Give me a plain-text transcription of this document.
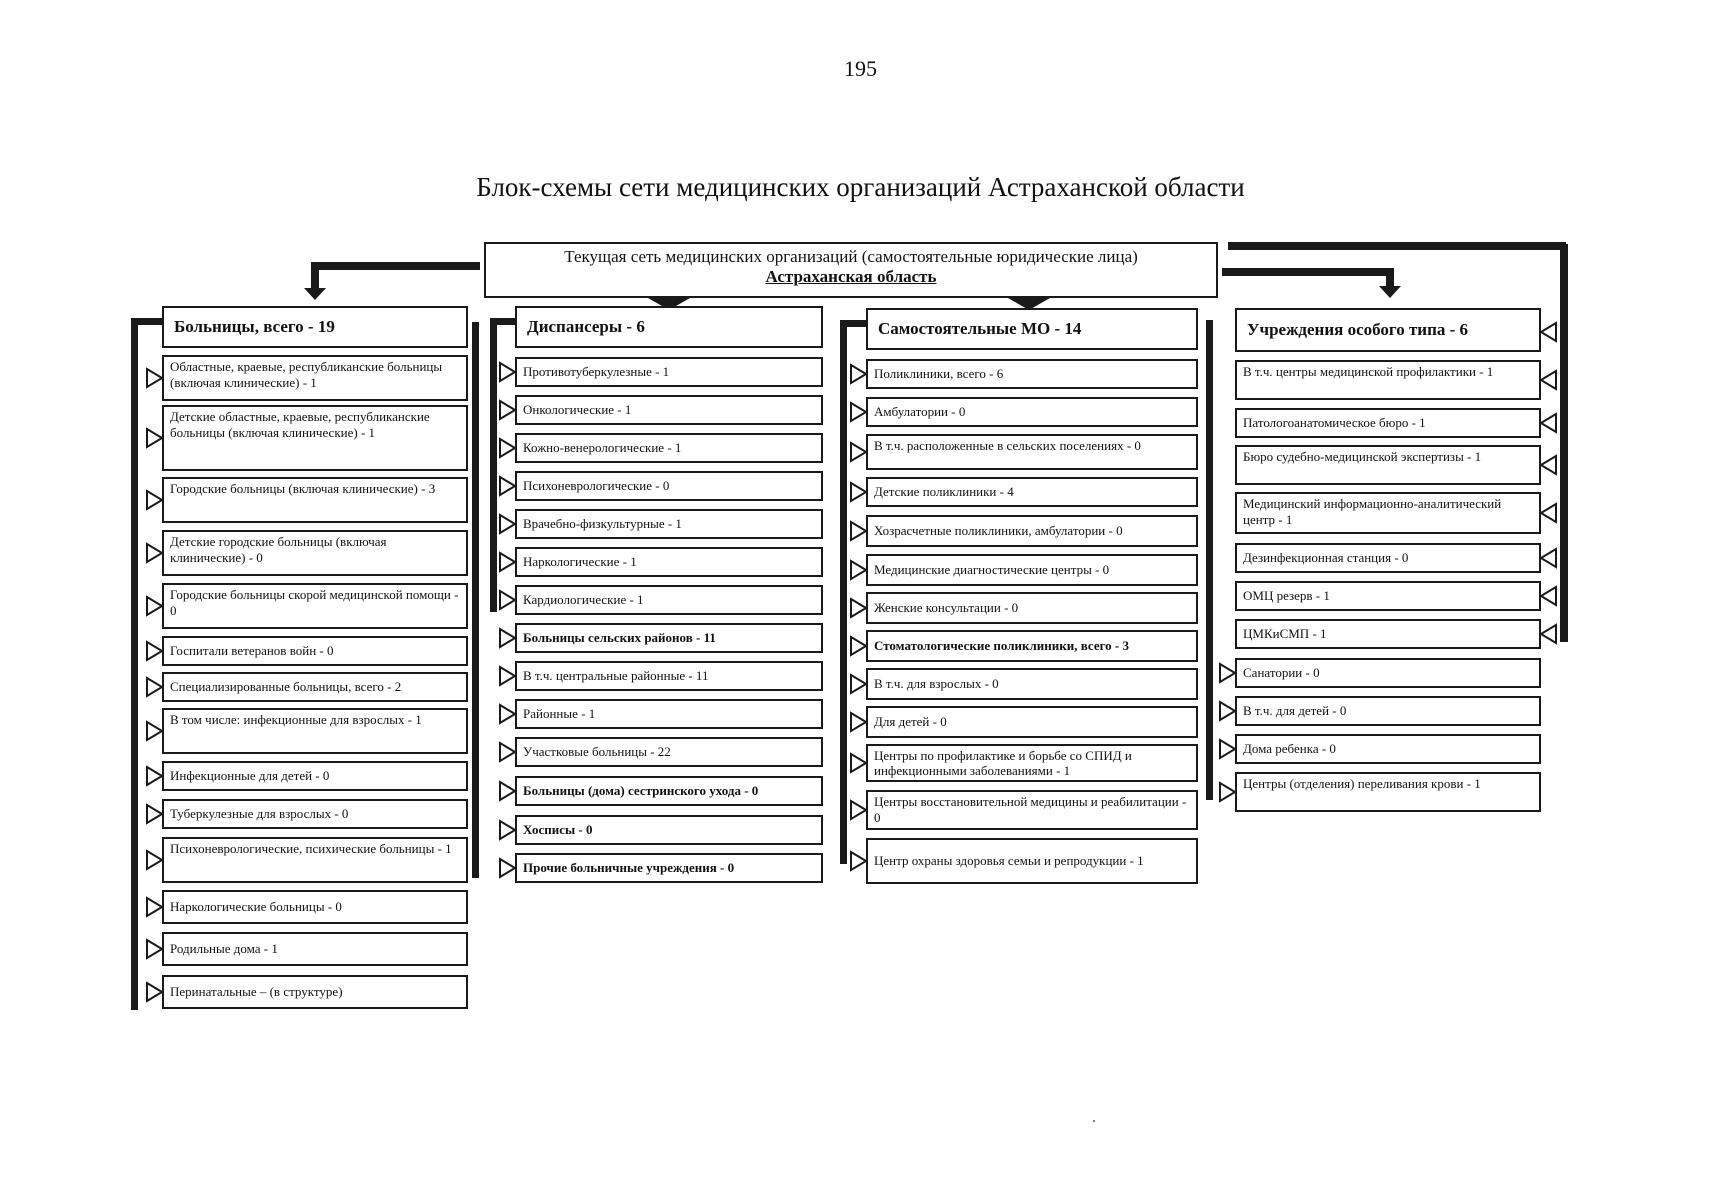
195
Блок-схемы сети медицинских организаций Астраханской области
Текущая сеть медицинских организаций (самостоятельные юридические лица)
Астраханская область
Больницы, всего - 19
Областные, краевые, республиканские больницы (включая клинические) - 1
Детские областные, краевые, республиканские больницы (включая клинические) - 1
Городские больницы (включая клинические) - 3
Детские городские больницы (включая клинические) - 0
Городские больницы скорой медицинской помощи - 0
Госпитали ветеранов войн - 0
Специализированные больницы, всего - 2
В том числе: инфекционные для взрослых - 1
Инфекционные для детей - 0
Туберкулезные для взрослых - 0
Психоневрологические, психические больницы - 1
Наркологические больницы - 0
Родильные дома - 1
Перинатальные – (в структуре)
Диспансеры - 6
Противотуберкулезные - 1
Онкологические - 1
Кожно-венерологические - 1
Психоневрологические - 0
Врачебно-физкультурные - 1
Наркологические - 1
Кардиологические - 1
Больницы сельских районов - 11
В т.ч. центральные районные - 11
Районные - 1
Участковые больницы - 22
Больницы (дома) сестринского ухода - 0
Хосписы - 0
Прочие больничные учреждения - 0
Самостоятельные МО - 14
Поликлиники, всего - 6
Амбулатории - 0
В т.ч. расположенные в сельских поселениях - 0
Детские поликлиники - 4
Хозрасчетные поликлиники, амбулатории - 0
Медицинские диагностические центры - 0
Женские консультации - 0
Стоматологические поликлиники, всего - 3
В т.ч. для взрослых - 0
Для детей - 0
Центры по профилактике и борьбе со СПИД и инфекционными заболеваниями - 1
Центры восстановительной медицины и реабилитации - 0
Центр охраны здоровья семьи и репродукции - 1
Учреждения особого типа - 6
В т.ч. центры медицинской профилактики - 1
Патологоанатомическое бюро - 1
Бюро судебно-медицинской экспертизы - 1
Медицинский информационно-аналитический центр - 1
Дезинфекционная станция - 0
ОМЦ резерв - 1
ЦМКиСМП - 1
Санатории - 0
В т.ч. для детей - 0
Дома ребенка - 0
Центры (отделения) переливания крови - 1
